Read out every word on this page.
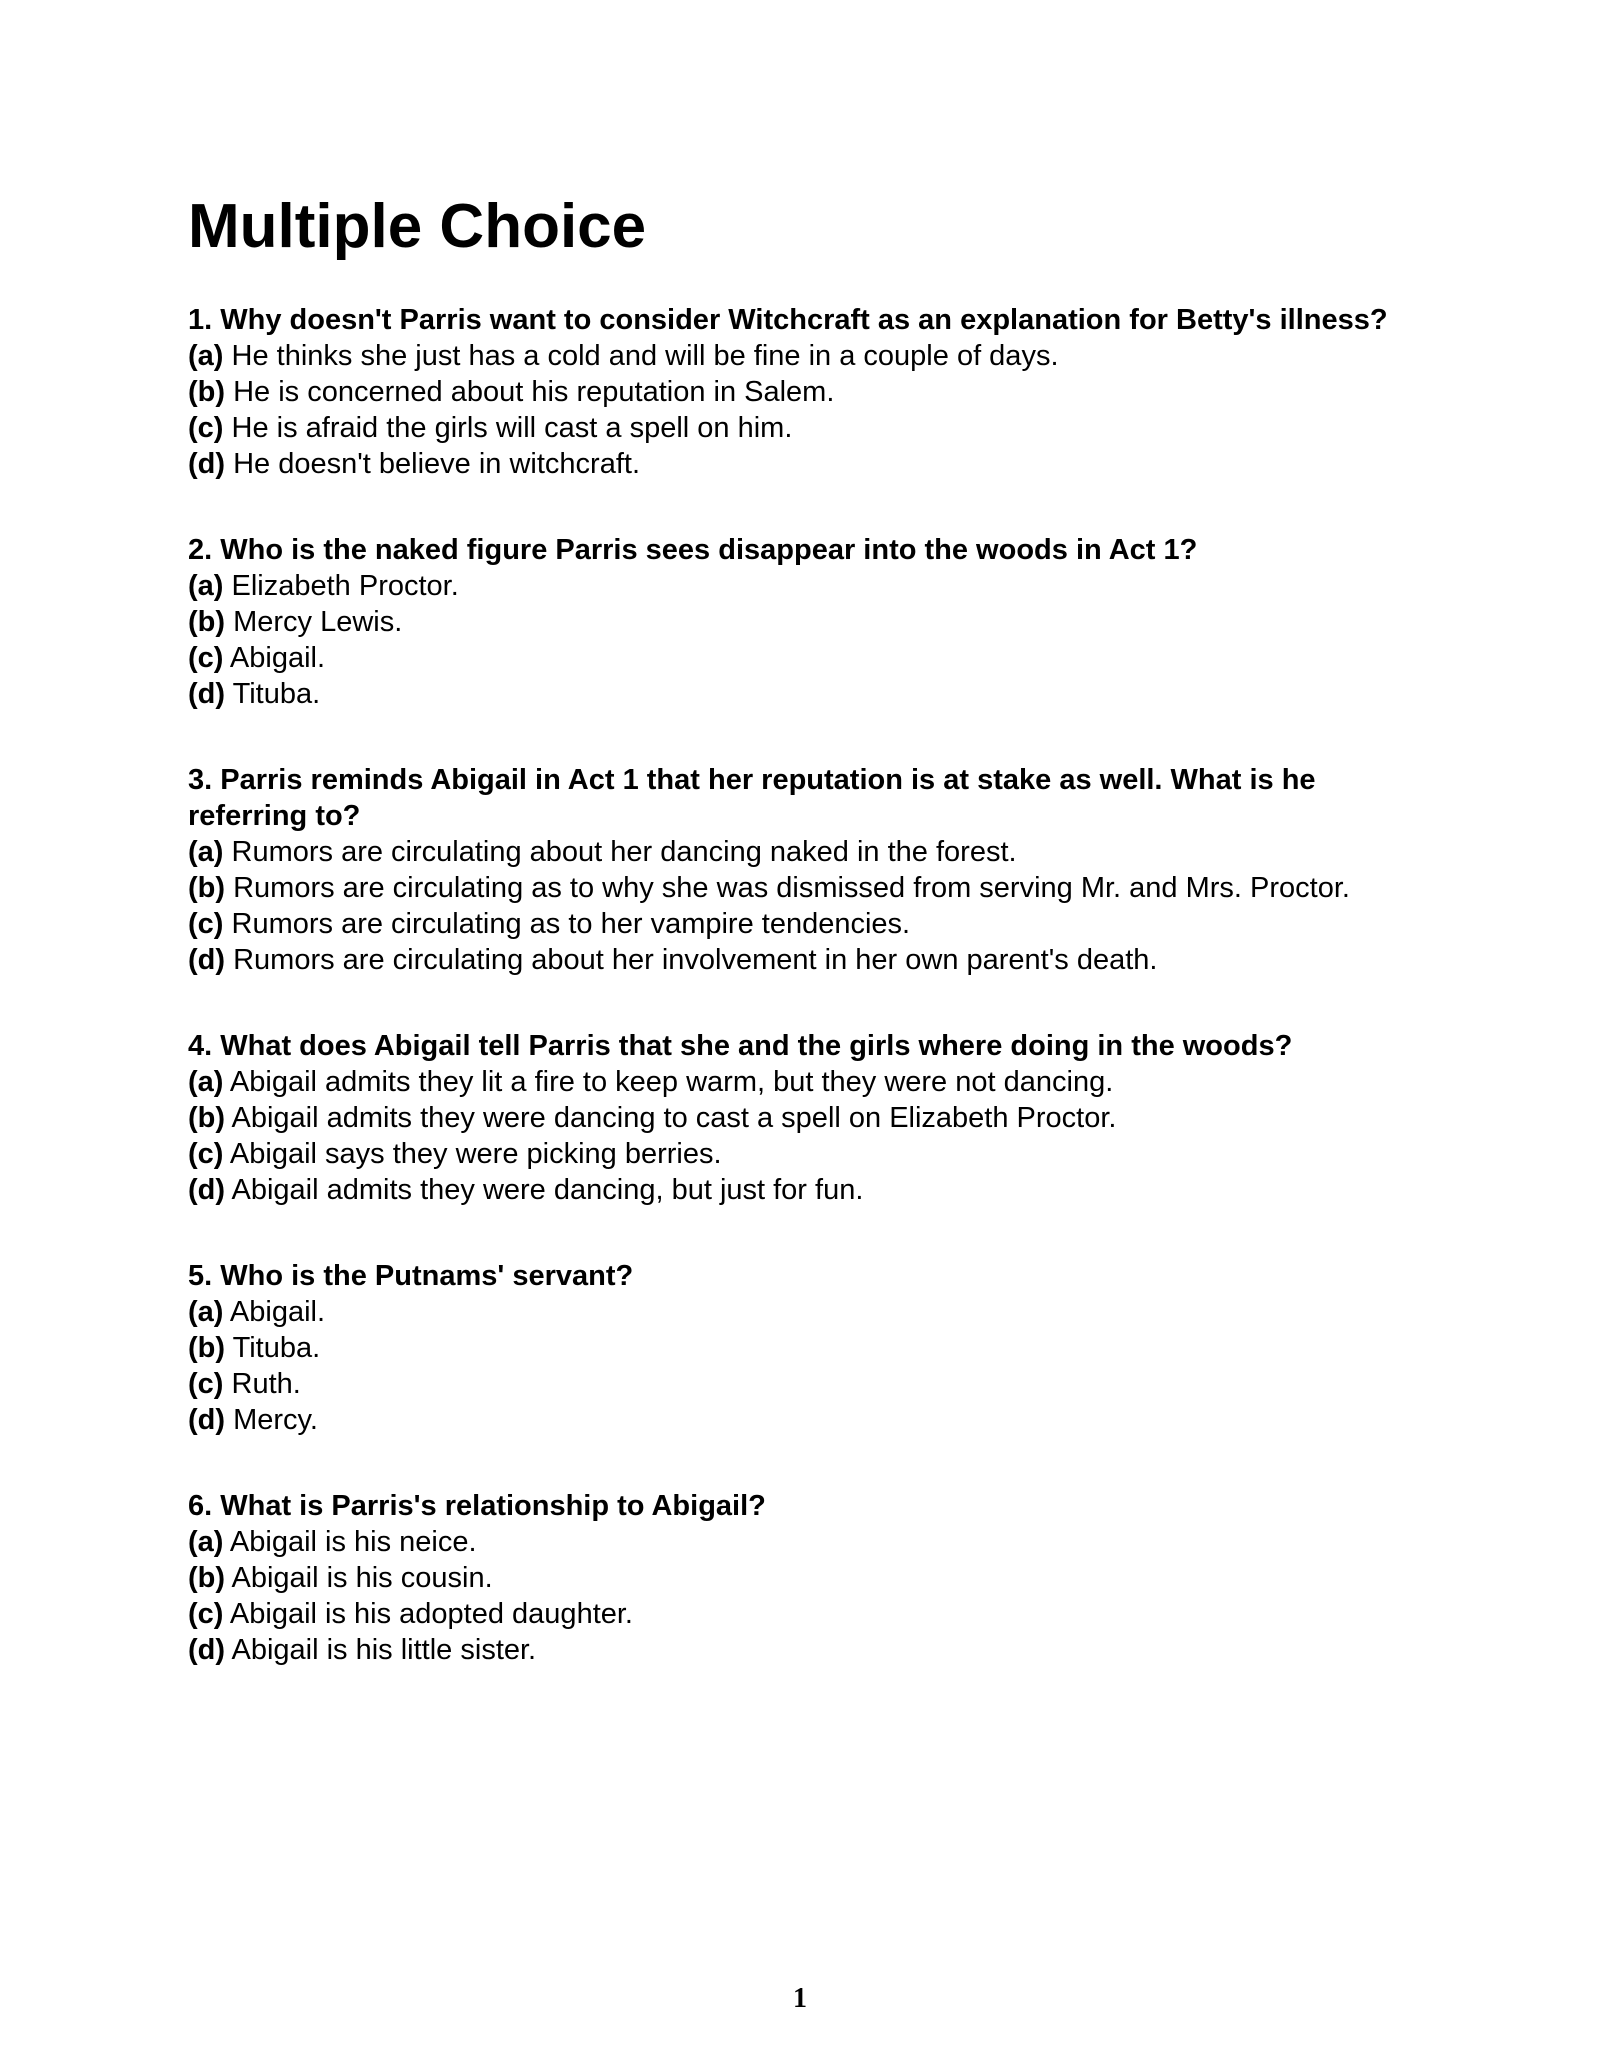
Multiple Choice

1. Why doesn't Parris want to consider Witchcraft as an explanation for Betty's illness?

(a) He thinks she just has a cold and will be fine in a couple of days.

(b) He is concerned about his reputation in Salem.

(c) He is afraid the girls will cast a spell on him.

(d) He doesn't believe in witchcraft.

2. Who is the naked figure Parris sees disappear into the woods in Act 1?

(a) Elizabeth Proctor.

(b) Mercy Lewis.

(c) Abigail.

(d) Tituba.

3. Parris reminds Abigail in Act 1 that her reputation is at stake as well. What is he referring to?

(a) Rumors are circulating about her dancing naked in the forest.

(b) Rumors are circulating as to why she was dismissed from serving Mr. and Mrs. Proctor.

(c) Rumors are circulating as to her vampire tendencies.

(d) Rumors are circulating about her involvement in her own parent's death.

4. What does Abigail tell Parris that she and the girls where doing in the woods?

(a) Abigail admits they lit a fire to keep warm, but they were not dancing.

(b) Abigail admits they were dancing to cast a spell on Elizabeth Proctor.

(c) Abigail says they were picking berries.

(d) Abigail admits they were dancing, but just for fun.

5. Who is the Putnams' servant?

(a) Abigail.

(b) Tituba.

(c) Ruth.

(d) Mercy.

6. What is Parris's relationship to Abigail?

(a) Abigail is his neice.

(b) Abigail is his cousin.

(c) Abigail is his adopted daughter.

(d) Abigail is his little sister.

1
